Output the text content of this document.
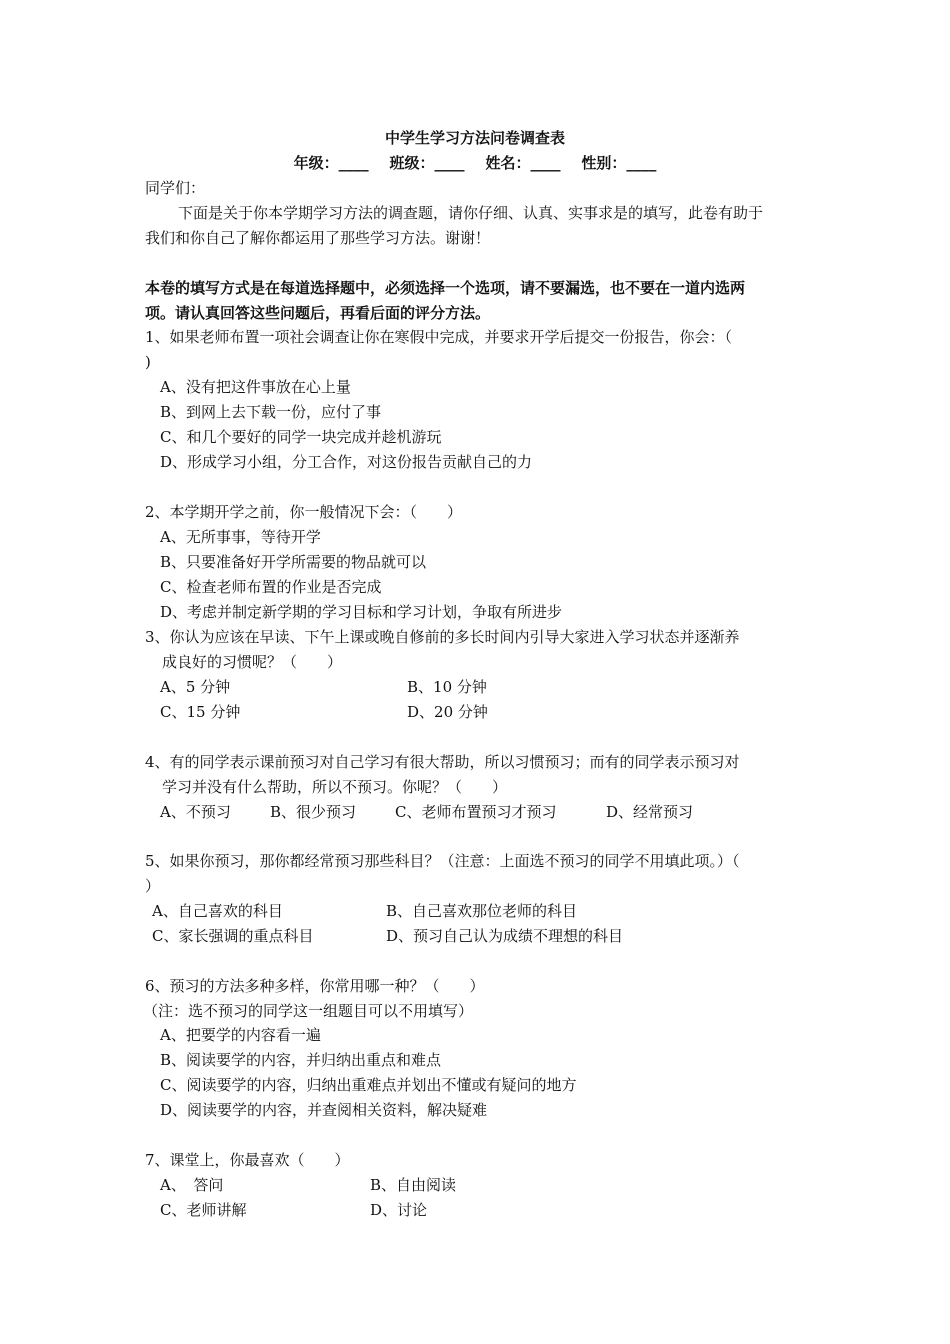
中学生学习方法问卷调查表
年级：____ 班级：____ 姓名：____ 性别：____
同学们：
下面是关于你本学期学习方法的调查题，请你仔细、认真、实事求是的填写，此卷有助于
我们和你自己了解你都运用了那些学习方法。谢谢！
本卷的填写方式是在每道选择题中，必须选择一个选项，请不要漏选，也不要在一道内选两
项。请认真回答这些问题后，再看后面的评分方法。
1、如果老师布置一项社会调查让你在寒假中完成，并要求开学后提交一份报告，你会：（
)
A、没有把这件事放在心上量
B、到网上去下载一份，应付了事
C、和几个要好的同学一块完成并趁机游玩
D、形成学习小组，分工合作，对这份报告贡献自己的力
2、本学期开学之前，你一般情况下会：（　　）
A、无所事事，等待开学
B、只要准备好开学所需要的物品就可以
C、检查老师布置的作业是否完成
D、考虑并制定新学期的学习目标和学习计划，争取有所进步
3、你认为应该在早读、下午上课或晚自修前的多长时间内引导大家进入学习状态并逐渐养
成良好的习惯呢？（　　）
A、5 分钟	B、10 分钟
C、15 分钟	D、20 分钟
4、有的同学表示课前预习对自己学习有很大帮助，所以习惯预习；而有的同学表示预习对
学习并没有什么帮助，所以不预习。你呢？（　　）
A、不预习	B、很少预习	C、老师布置预习才预习	D、经常预习
5、如果你预习，那你都经常预习那些科目？（注意：上面选不预习的同学不用填此项。）（
）
A、自己喜欢的科目	B、自己喜欢那位老师的科目
C、家长强调的重点科目	D、预习自己认为成绩不理想的科目
6、预习的方法多种多样，你常用哪一种？（　　）
（注：选不预习的同学这一组题目可以不用填写）
A、把要学的内容看一遍
B、阅读要学的内容，并归纳出重点和难点
C、阅读要学的内容，归纳出重难点并划出不懂或有疑问的地方
D、阅读要学的内容，并查阅相关资料，解决疑难
7、课堂上，你最喜欢（　　）
A、　答问	B、自由阅读
C、老师讲解	D、讨论
